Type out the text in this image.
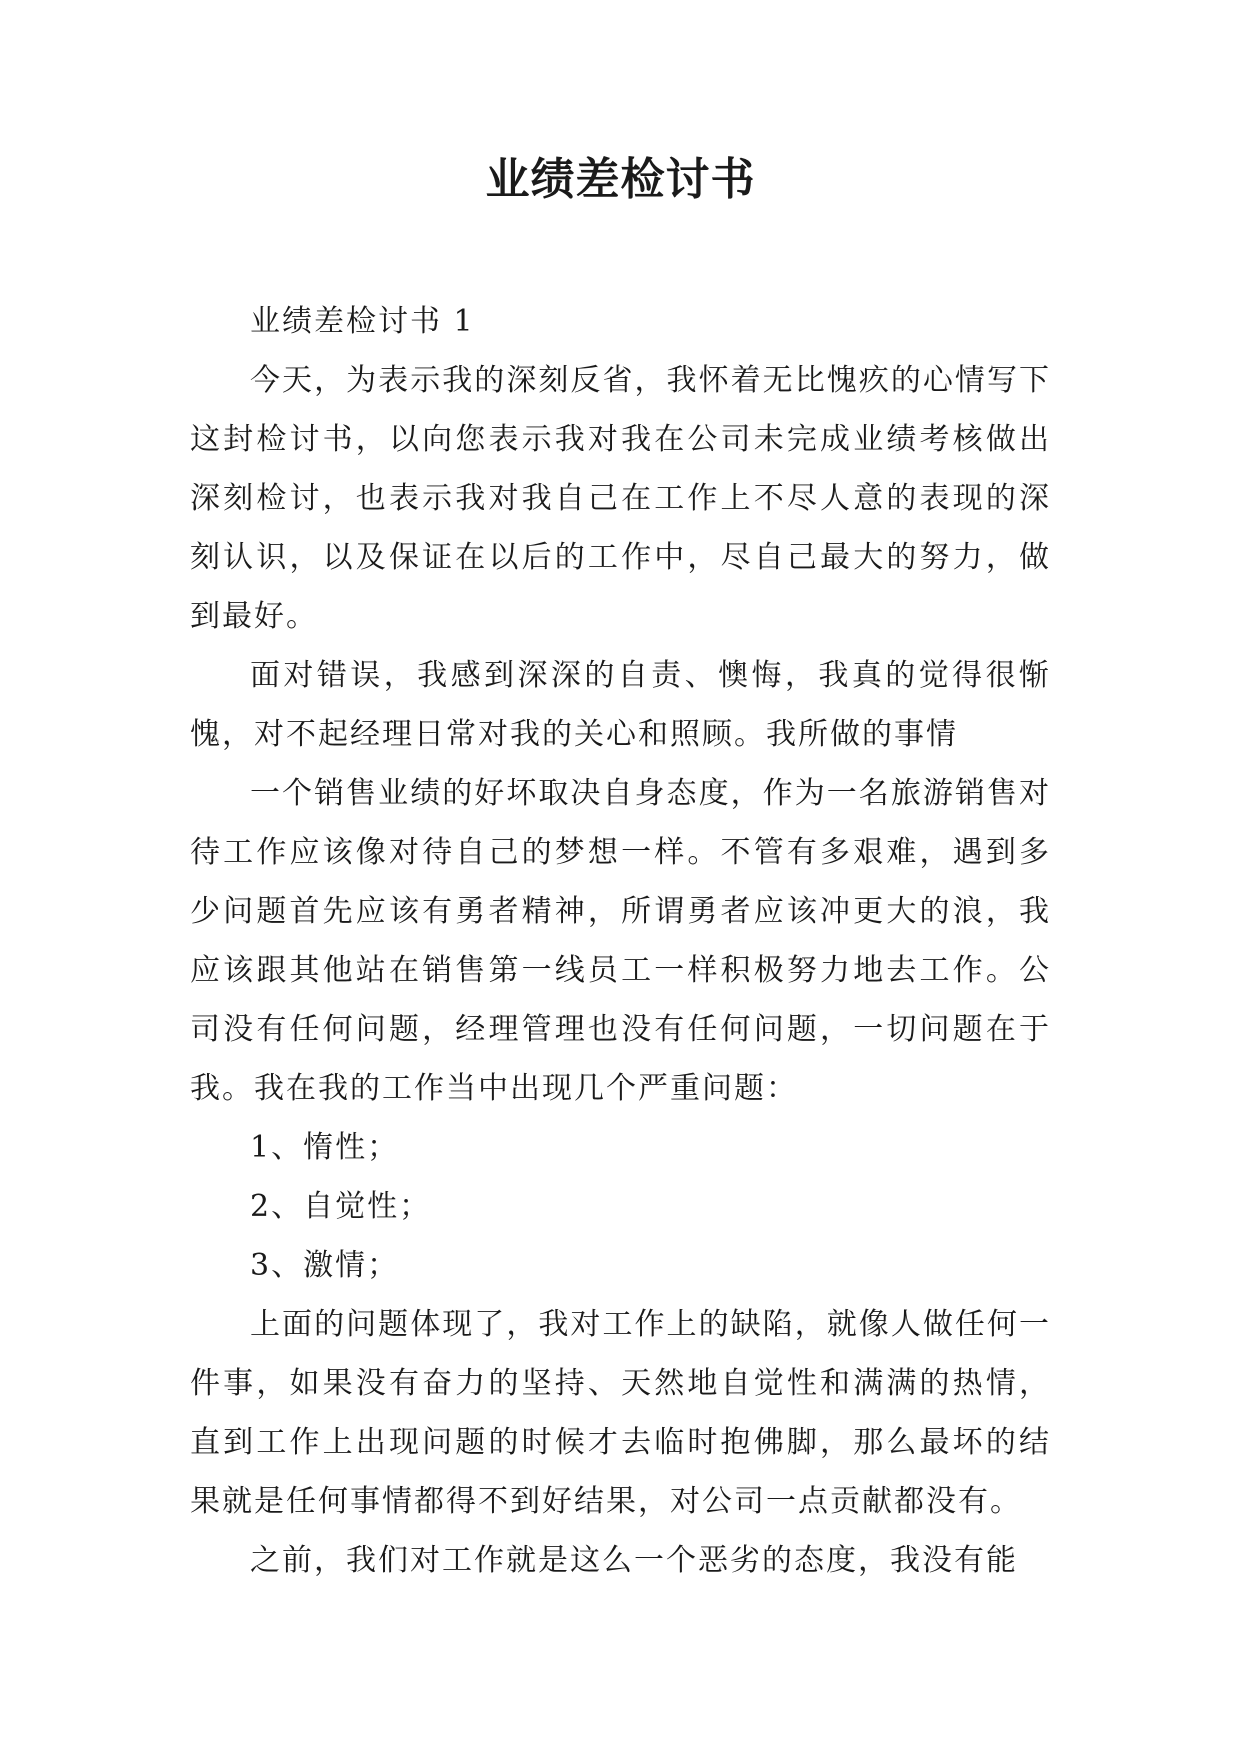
业绩差检讨书

业绩差检讨书 1

今天，为表示我的深刻反省，我怀着无比愧疚的心情写下这封检讨书，以向您表示我对我在公司未完成业绩考核做出深刻检讨，也表示我对我自己在工作上不尽人意的表现的深刻认识，以及保证在以后的工作中，尽自己最大的努力，做到最好。

面对错误，我感到深深的自责、懊悔，我真的觉得很惭愧，对不起经理日常对我的关心和照顾。我所做的事情

一个销售业绩的好坏取决自身态度，作为一名旅游销售对待工作应该像对待自己的梦想一样。不管有多艰难，遇到多少问题首先应该有勇者精神，所谓勇者应该冲更大的浪，我应该跟其他站在销售第一线员工一样积极努力地去工作。公司没有任何问题，经理管理也没有任何问题，一切问题在于我。我在我的工作当中出现几个严重问题：

1、惰性；

2、自觉性；

3、激情；

上面的问题体现了，我对工作上的缺陷，就像人做任何一件事，如果没有奋力的坚持、天然地自觉性和满满的热情，直到工作上出现问题的时候才去临时抱佛脚，那么最坏的结果就是任何事情都得不到好结果，对公司一点贡献都没有。

之前，我们对工作就是这么一个恶劣的态度，我没有能
